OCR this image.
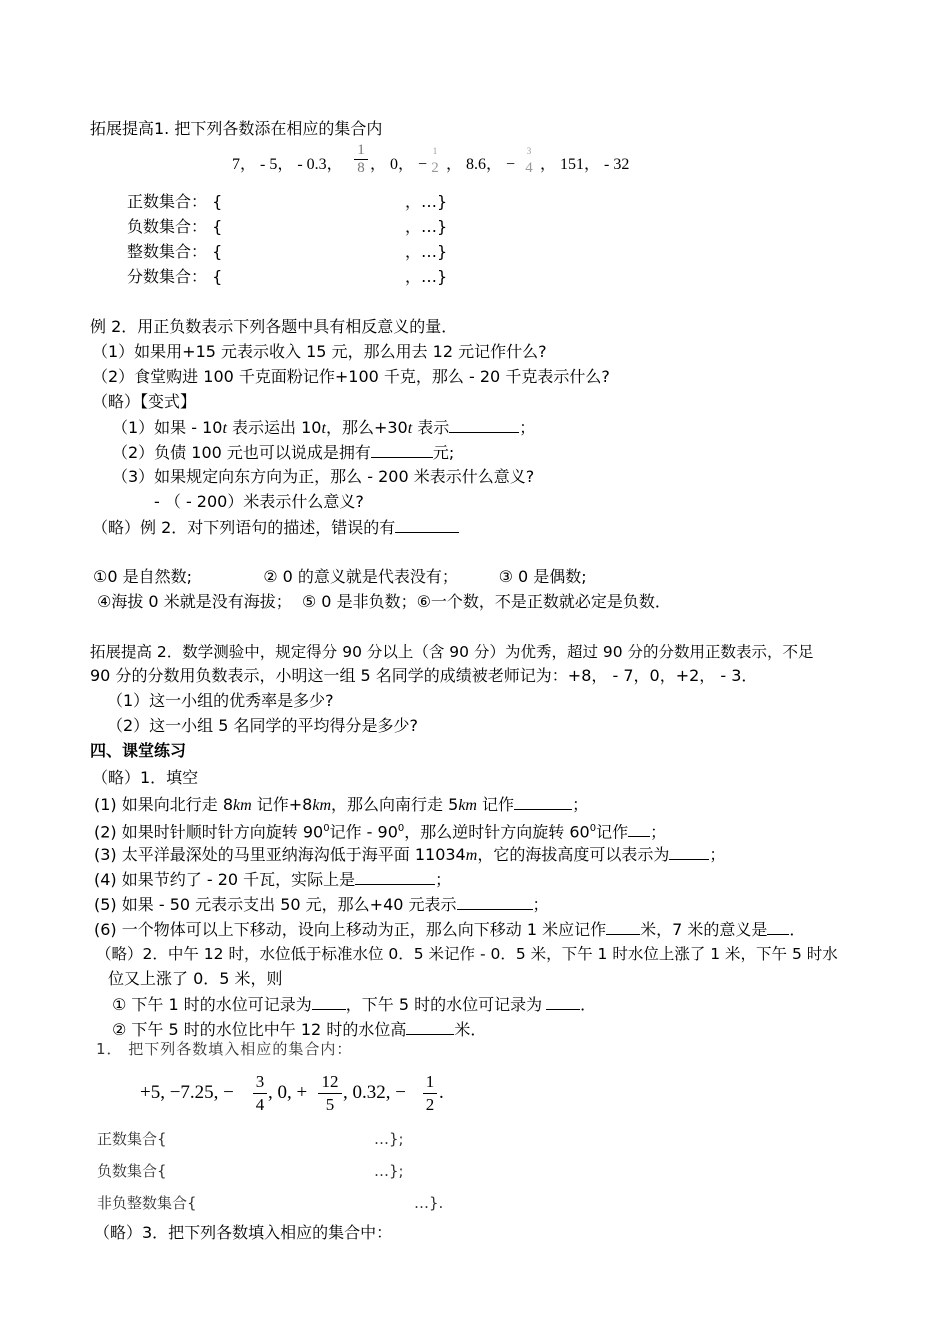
拓展提高1. 把下列各数添在相应的集合内
7， - 5， - 0.3，
1
8 ， 0， −
1
2 ， 8.6， −
3
4 ， 151， - 32
正数集合： {	，…}
负数集合： {	，…}
整数集合： {	，…}
分数集合： {	，…}
例 2．用正负数表示下列各题中具有相反意义的量．
（1）如果用+15 元表示收入 15 元，那么用去 12 元记作什么?
（2）食堂购进 100 千克面粉记作+100 千克，那么 - 20 千克表示什么?
（略）【变式】
（1）如果 - 10t 表示运出 10t，那么+30t 表示	；
（2）负债 100 元也可以说成是拥有	元;
（3）如果规定向东方向为正，那么 - 200 米表示什么意义?
- （ - 200）米表示什么意义?
（略）例 2．对下列语句的描述，错误的有
①0 是自然数;              ② 0 的意义就是代表没有；        ③ 0 是偶数;
④海拔 0 米就是没有海拔；  ⑤ 0 是非负数；⑥一个数，不是正数就必定是负数．
拓展提高 2．数学测验中，规定得分 90 分以上（含 90 分）为优秀，超过 90 分的分数用正数表示，不足
90 分的分数用负数表示，小明这一组 5 名同学的成绩被老师记为：+8， - 7，0，+2， - 3．
（1）这一小组的优秀率是多少?
（2）这一小组 5 名同学的平均得分是多少?
四、课堂练习
（略）1．填空
(1) 如果向北行走 8km 记作+8km，那么向南行走 5km 记作	；
(2) 如果时针顺时针方向旋转 $90^0$记作 - $90^0$，那么逆时针方向旋转 $60^0$记作 ；
(3) 太平洋最深处的马里亚纳海沟低于海平面 11034m，它的海拔高度可以表示为	；
(4) 如果节约了 - 20 千瓦，实际上是	；
(5) 如果 - 50 元表示支出 50 元，那么+40 元表示	；
(6) 一个物体可以上下移动，设向上移动为正，那么向下移动 1 米应记作 米，7 米的意义是 ．
（略）2．中午 12 时，水位低于标准水位 0．5 米记作 - 0．5 米，下午 1 时水位上涨了 1 米，下午 5 时水
位又上涨了 0．5 米，则
① 下午 1 时的水位可记录为 ，下午 5 时的水位可记录为 ．
② 下午 5 时的水位比中午 12 时的水位高	米．
1． 把下列各数填入相应的集合内：
+5, −7.25, −
3
4
, 0, +
12
5
, 0.32, −
1
2
.
正数集合{	…};
负数集合{	…};
非负整数集合{	…}.
（略）3．把下列各数填入相应的集合中：
